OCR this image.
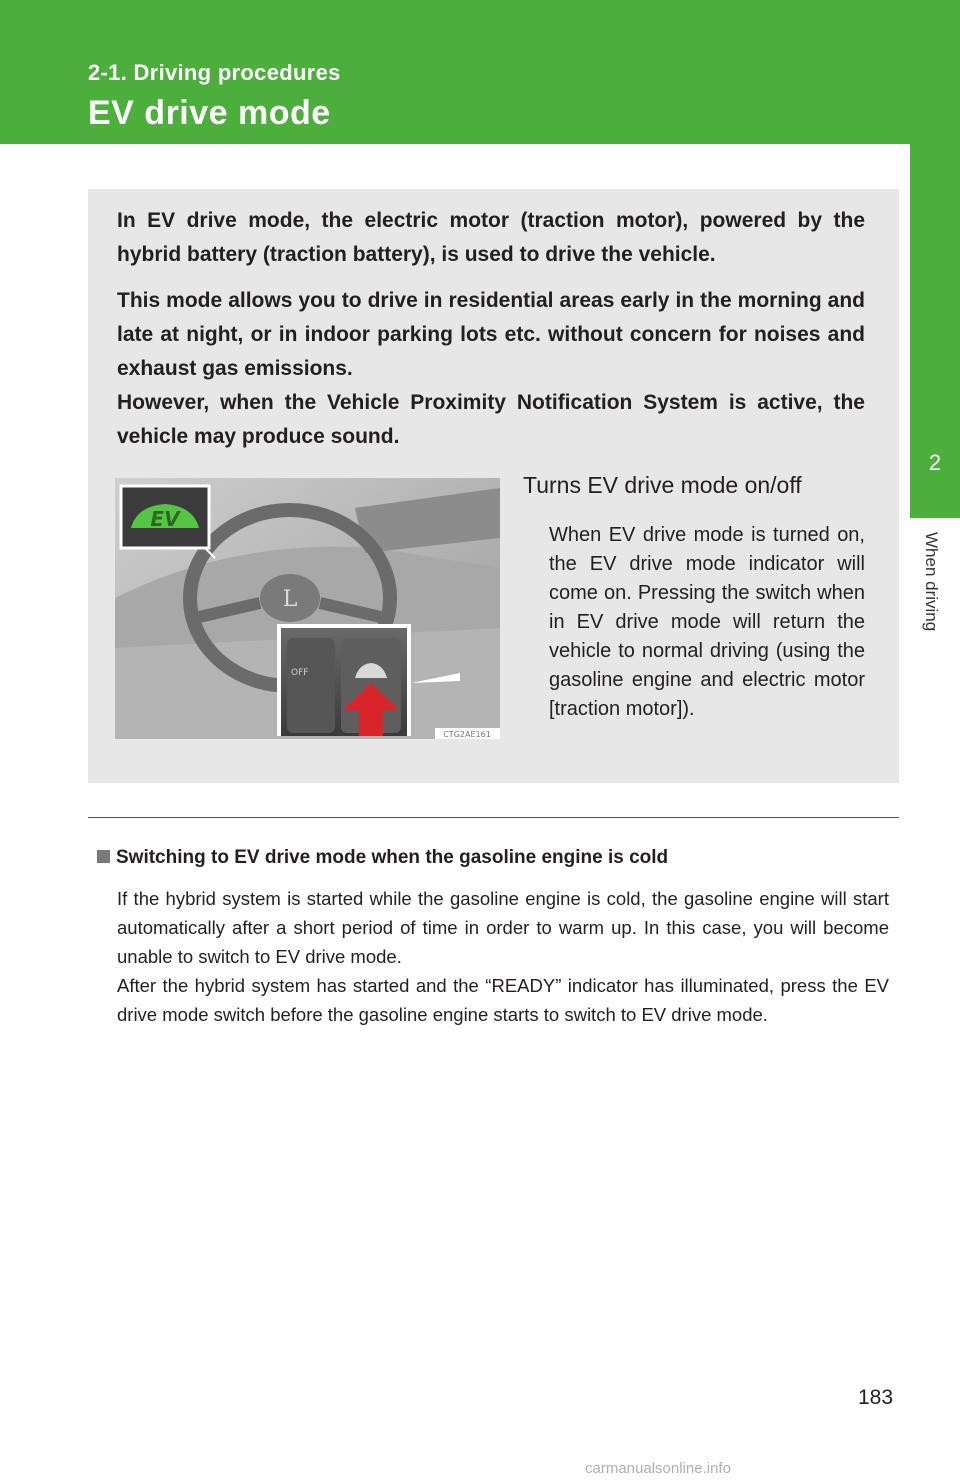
2-1. Driving procedures
EV drive mode
2
When driving
In EV drive mode, the electric motor (traction motor), powered by the hybrid battery (traction battery), is used to drive the vehicle.
This mode allows you to drive in residential areas early in the morning and late at night, or in indoor parking lots etc. without concern for noises and exhaust gas emissions.
However, when the Vehicle Proximity Notification System is active, the vehicle may produce sound.
L
EV
OFF
CTG2AE161
Turns EV drive mode on/off
When EV drive mode is turned on, the EV drive mode indicator will come on. Pressing the switch when in EV drive mode will return the vehicle to normal driving (using the gasoline engine and electric motor [traction motor]).
Switching to EV drive mode when the gasoline engine is cold

If the hybrid system is started while the gasoline engine is cold, the gasoline engine will start automatically after a short period of time in order to warm up. In this case, you will become unable to switch to EV drive mode.

After the hybrid system has started and the “READY” indicator has illuminated, press the EV drive mode switch before the gasoline engine starts to switch to EV drive mode.

183
carmanualsonline.info
